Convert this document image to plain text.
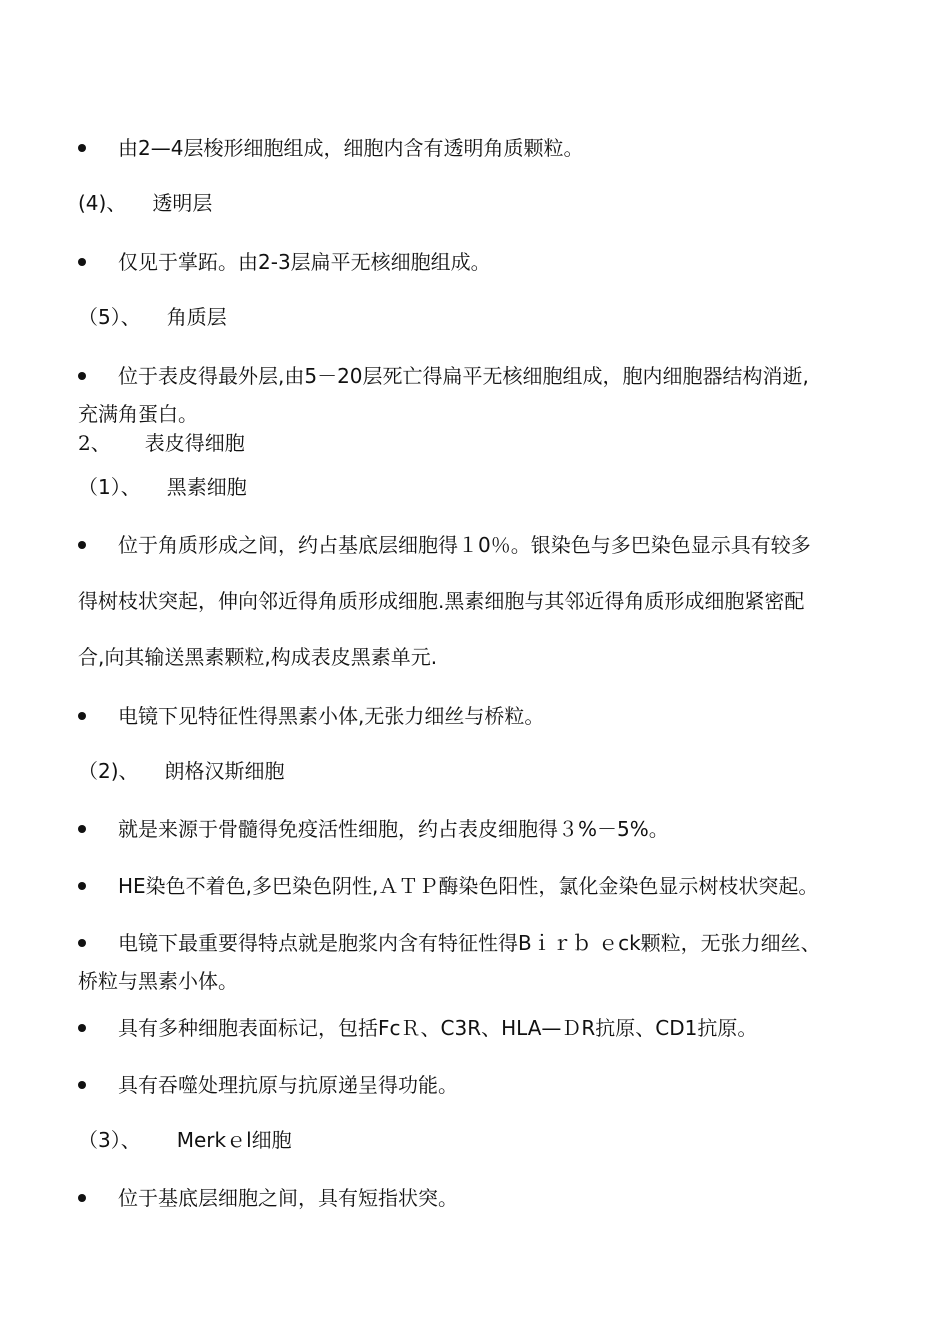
由2—4层梭形细胞组成，细胞内含有透明角质颗粒。
(4)、 透明层
仅见于掌跖。由2-3层扁平无核细胞组成。
（5）、 角质层
位于表皮得最外层,由5－20层死亡得扁平无核细胞组成，胞内细胞器结构消逝,
充满角蛋白。
2、 表皮得细胞
（1）、 黑素细胞
位于角质形成之间，约占基底层细胞得１0％。银染色与多巴染色显示具有较多
得树枝状突起，伸向邻近得角质形成细胞.黑素细胞与其邻近得角质形成细胞紧密配
合,向其输送黑素颗粒,构成表皮黑素单元.
电镜下见特征性得黑素小体,无张力细丝与桥粒。
（2)、 朗格汉斯细胞
就是来源于骨髓得免疫活性细胞，约占表皮细胞得３%－5%。
HE染色不着色,多巴染色阴性,ＡＴＰ酶染色阳性，氯化金染色显示树枝状突起。
电镜下最重要得特点就是胞浆内含有特征性得Bｉｒｂ ｅck颗粒，无张力细丝、
桥粒与黑素小体。
具有多种细胞表面标记，包括FcＲ、C3R、HLA—ＤR抗原、CD1抗原。
具有吞噬处理抗原与抗原递呈得功能。
（3）、 Merkｅl细胞
位于基底层细胞之间，具有短指状突。
